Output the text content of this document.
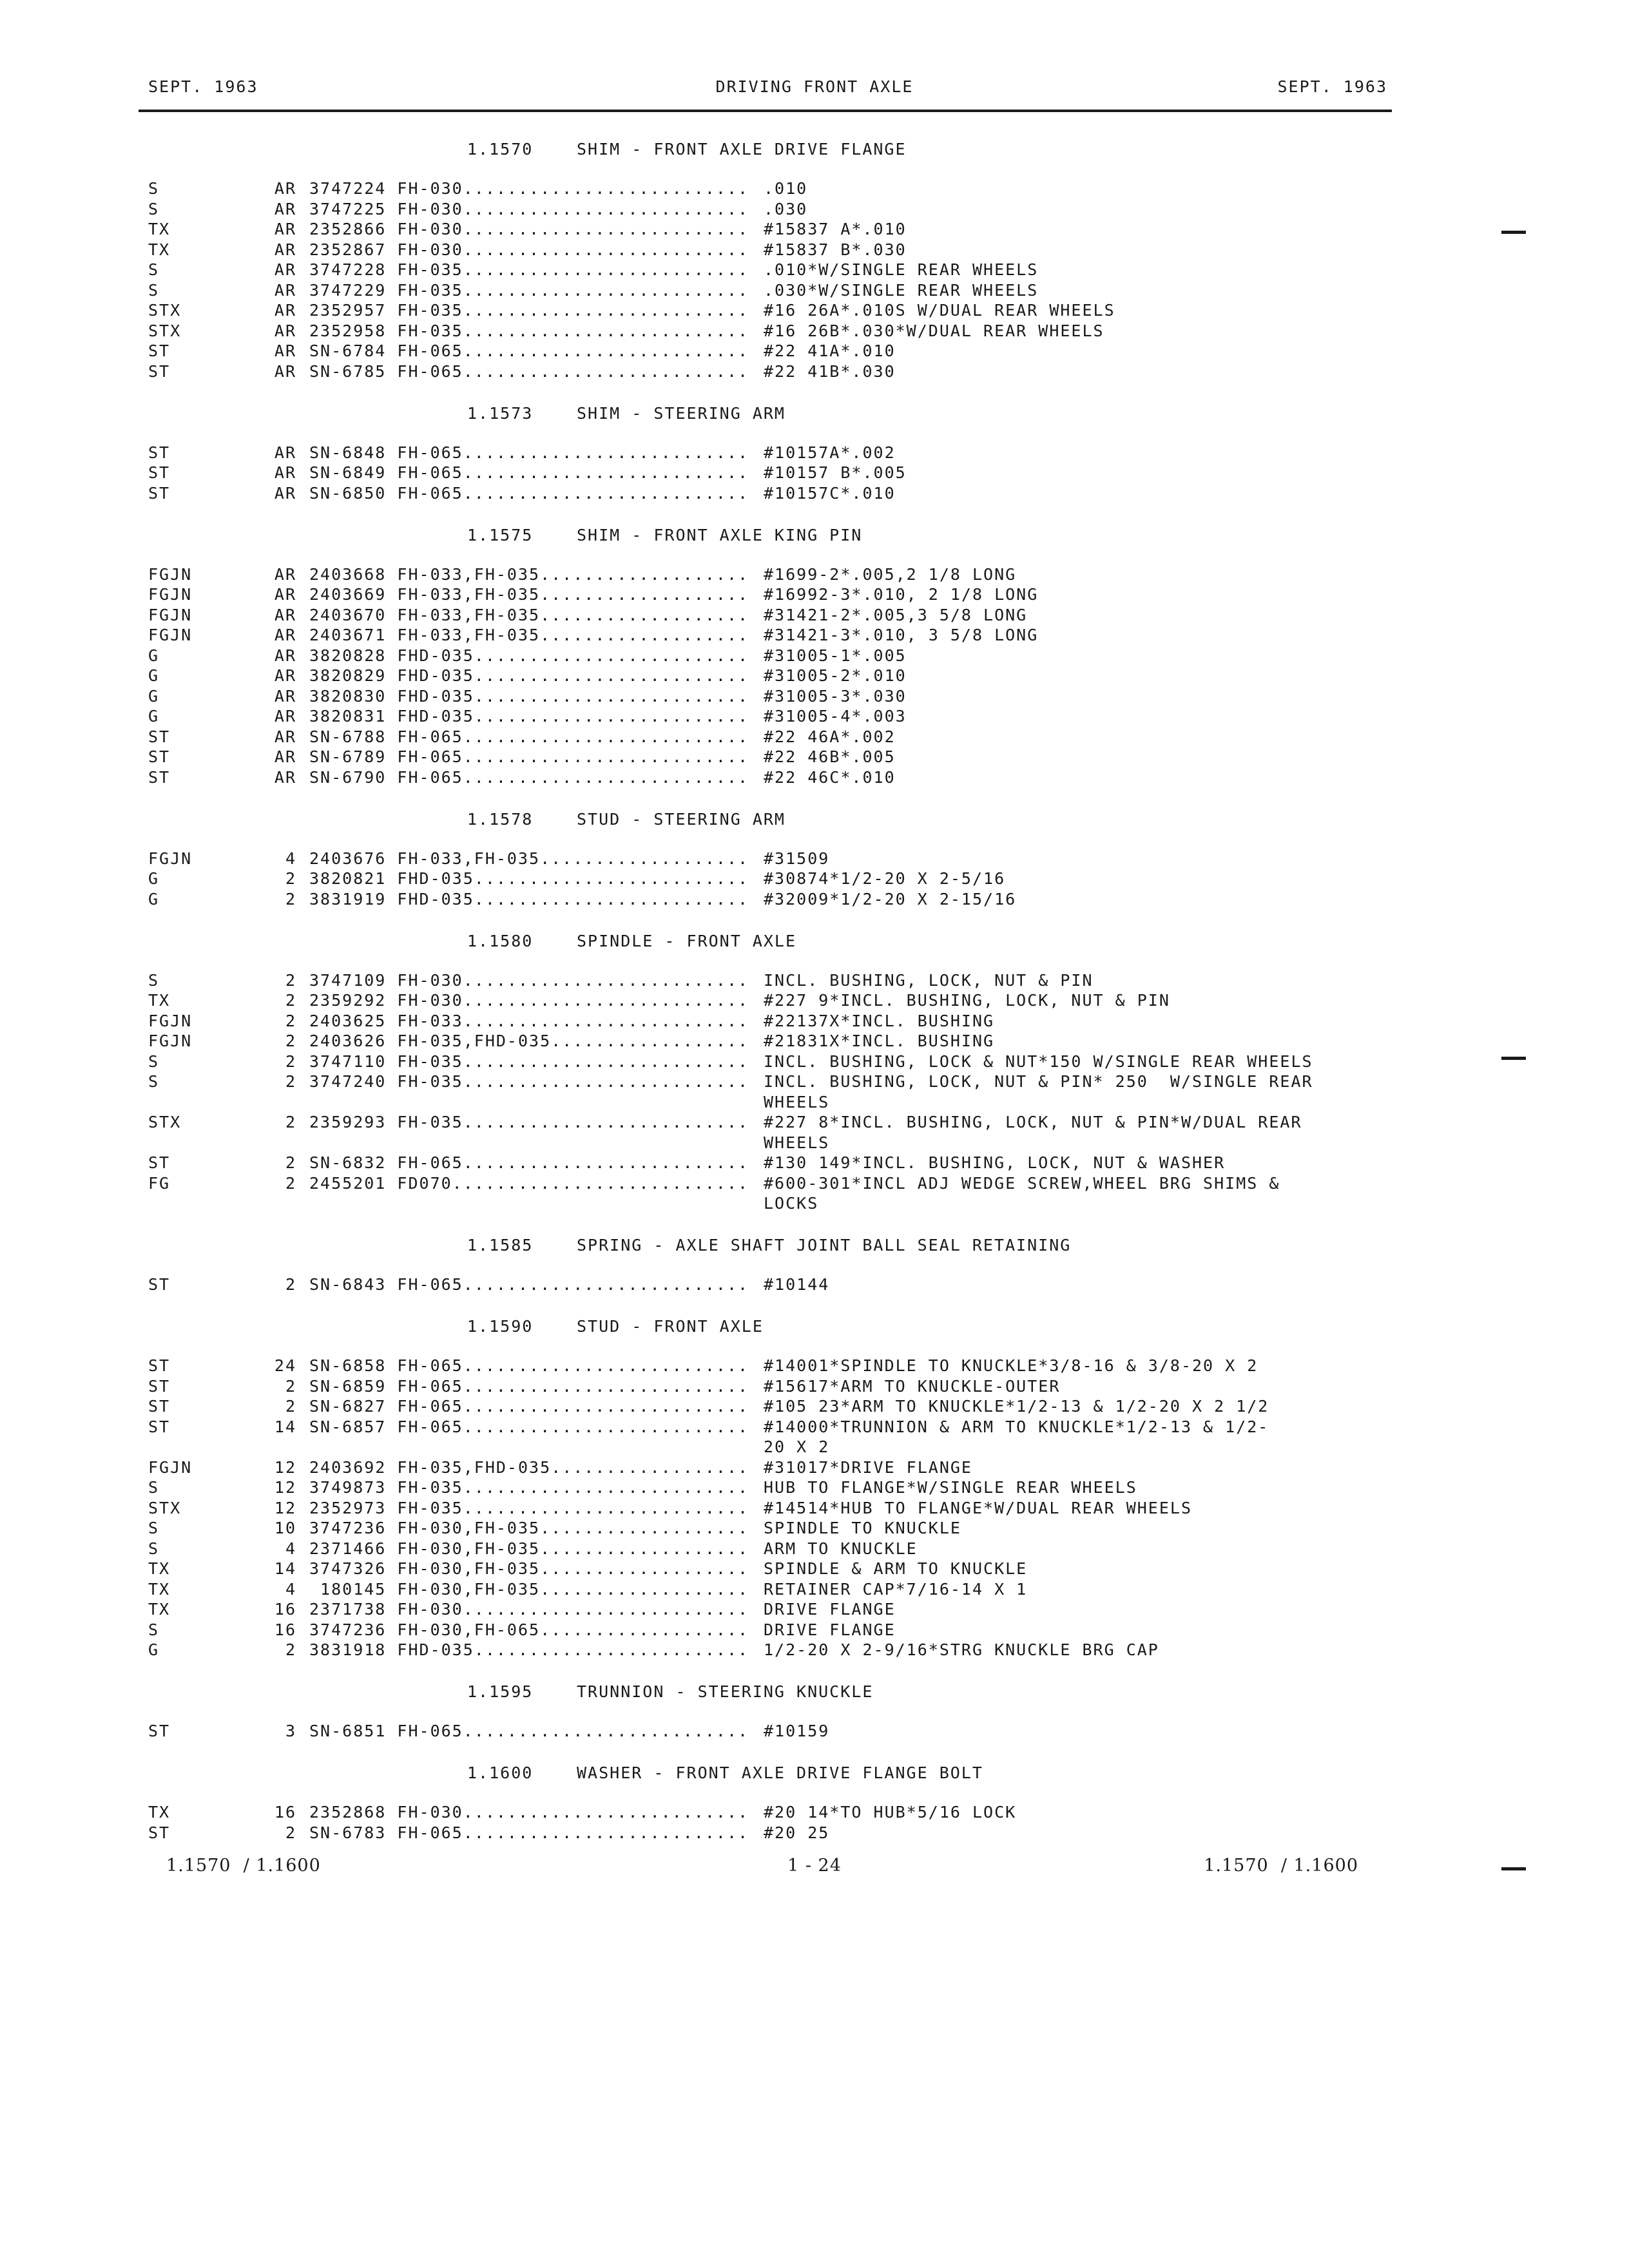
SEPT. 1963	DRIVING FRONT AXLE	SEPT. 1963
1.1570	SHIM - FRONT AXLE DRIVE FLANGE
S	AR 3747224 FH-030.......................... .010
S	AR 3747225 FH-030.......................... .030
TX	AR 2352866 FH-030.......................... #15837 A*.010
TX	AR 2352867 FH-030.......................... #15837 B*.030
S	AR 3747228 FH-035.......................... .010*W/SINGLE REAR WHEELS
S	AR 3747229 FH-035.......................... .030*W/SINGLE REAR WHEELS
STX	AR 2352957 FH-035.......................... #16 26A*.010S W/DUAL REAR WHEELS
STX	AR 2352958 FH-035.......................... #16 26B*.030*W/DUAL REAR WHEELS
ST	AR SN-6784 FH-065.......................... #22 41A*.010
ST	AR SN-6785 FH-065.......................... #22 41B*.030
1.1573	SHIM - STEERING ARM
ST	AR SN-6848 FH-065.......................... #10157A*.002
ST	AR SN-6849 FH-065.......................... #10157 B*.005
ST	AR SN-6850 FH-065.......................... #10157C*.010
1.1575	SHIM - FRONT AXLE KING PIN
FGJN	AR 2403668 FH-033,FH-035................... #1699-2*.005,2 1/8 LONG
FGJN	AR 2403669 FH-033,FH-035................... #16992-3*.010, 2 1/8 LONG
FGJN	AR 2403670 FH-033,FH-035................... #31421-2*.005,3 5/8 LONG
FGJN	AR 2403671 FH-033,FH-035................... #31421-3*.010, 3 5/8 LONG
G	AR 3820828 FHD-035......................... #31005-1*.005
G	AR 3820829 FHD-035......................... #31005-2*.010
G	AR 3820830 FHD-035......................... #31005-3*.030
G	AR 3820831 FHD-035......................... #31005-4*.003
ST	AR SN-6788 FH-065.......................... #22 46A*.002
ST	AR SN-6789 FH-065.......................... #22 46B*.005
ST	AR SN-6790 FH-065.......................... #22 46C*.010
1.1578	STUD - STEERING ARM
FGJN	4 2403676 FH-033,FH-035................... #31509
G	2 3820821 FHD-035......................... #30874*1/2-20 X 2-5/16
G	2 3831919 FHD-035......................... #32009*1/2-20 X 2-15/16
1.1580	SPINDLE - FRONT AXLE
S	2 3747109 FH-030.......................... INCL. BUSHING, LOCK, NUT & PIN
TX	2 2359292 FH-030.......................... #227 9*INCL. BUSHING, LOCK, NUT & PIN
FGJN	2 2403625 FH-033.......................... #22137X*INCL. BUSHING
FGJN	2 2403626 FH-035,FHD-035.................. #21831X*INCL. BUSHING
S	2 3747110 FH-035.......................... INCL. BUSHING, LOCK & NUT*150 W/SINGLE REAR WHEELS
S	2 3747240 FH-035.......................... INCL. BUSHING, LOCK, NUT & PIN* 250  W/SINGLE REAR
WHEELS
STX	2 2359293 FH-035.......................... #227 8*INCL. BUSHING, LOCK, NUT & PIN*W/DUAL REAR
WHEELS
ST	2 SN-6832 FH-065.......................... #130 149*INCL. BUSHING, LOCK, NUT & WASHER
FG	2 2455201 FD070........................... #600-301*INCL ADJ WEDGE SCREW,WHEEL BRG SHIMS &
LOCKS
1.1585	SPRING - AXLE SHAFT JOINT BALL SEAL RETAINING
ST	2 SN-6843 FH-065.......................... #10144
1.1590	STUD - FRONT AXLE
ST	24 SN-6858 FH-065.......................... #14001*SPINDLE TO KNUCKLE*3/8-16 & 3/8-20 X 2
ST	2 SN-6859 FH-065.......................... #15617*ARM TO KNUCKLE-OUTER
ST	2 SN-6827 FH-065.......................... #105 23*ARM TO KNUCKLE*1/2-13 & 1/2-20 X 2 1/2
ST	14 SN-6857 FH-065.......................... #14000*TRUNNION & ARM TO KNUCKLE*1/2-13 & 1/2-
20 X 2
FGJN	12 2403692 FH-035,FHD-035.................. #31017*DRIVE FLANGE
S	12 3749873 FH-035.......................... HUB TO FLANGE*W/SINGLE REAR WHEELS
STX	12 2352973 FH-035.......................... #14514*HUB TO FLANGE*W/DUAL REAR WHEELS
S	10 3747236 FH-030,FH-035................... SPINDLE TO KNUCKLE
S	4 2371466 FH-030,FH-035................... ARM TO KNUCKLE
TX	14 3747326 FH-030,FH-035................... SPINDLE & ARM TO KNUCKLE
TX	4 180145 FH-030,FH-035................... RETAINER CAP*7/16-14 X 1
TX	16 2371738 FH-030.......................... DRIVE FLANGE
S	16 3747236 FH-030,FH-065................... DRIVE FLANGE
G	2 3831918 FHD-035......................... 1/2-20 X 2-9/16*STRG KNUCKLE BRG CAP
1.1595	TRUNNION - STEERING KNUCKLE
ST	3 SN-6851 FH-065.......................... #10159
1.1600	WASHER - FRONT AXLE DRIVE FLANGE BOLT
TX	16 2352868 FH-030.......................... #20 14*TO HUB*5/16 LOCK
ST	2 SN-6783 FH-065.......................... #20 25
1.1570  / 1.1600	1 - 24	1.1570  / 1.1600
